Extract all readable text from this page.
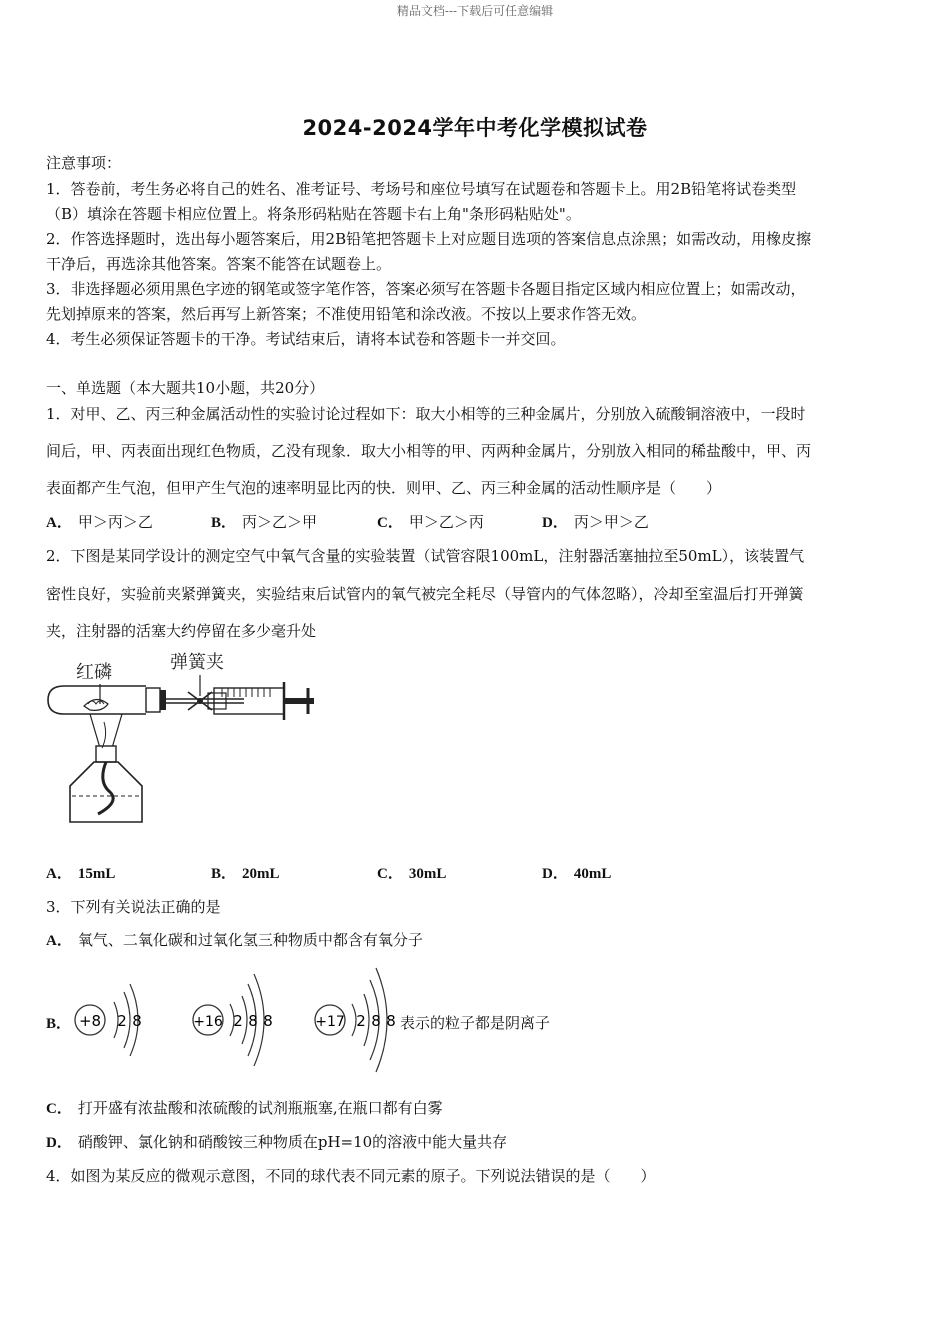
精品文档---下载后可任意编辑
2024-2024学年中考化学模拟试卷
注意事项：
1．答卷前，考生务必将自己的姓名、准考证号、考场号和座位号填写在试题卷和答题卡上。用2B铅笔将试卷类型
（B）填涂在答题卡相应位置上。将条形码粘贴在答题卡右上角"条形码粘贴处"。
2．作答选择题时，选出每小题答案后，用2B铅笔把答题卡上对应题目选项的答案信息点涂黑；如需改动，用橡皮擦
干净后，再选涂其他答案。答案不能答在试题卷上。
3．非选择题必须用黑色字迹的钢笔或签字笔作答，答案必须写在答题卡各题目指定区域内相应位置上；如需改动，
先划掉原来的答案，然后再写上新答案；不准使用铅笔和涂改液。不按以上要求作答无效。
4．考生必须保证答题卡的干净。考试结束后，请将本试卷和答题卡一并交回。
一、单选题（本大题共10小题，共20分）
1．对甲、乙、丙三种金属活动性的实验讨论过程如下：取大小相等的三种金属片，分别放入硫酸铜溶液中，一段时
间后，甲、丙表面出现红色物质，乙没有现象．取大小相等的甲、丙两种金属片，分别放入相同的稀盐酸中，甲、丙
表面都产生气泡，但甲产生气泡的速率明显比丙的快．则甲、乙、丙三种金属的活动性顺序是（　　）
A． 甲＞丙＞乙	B． 丙＞乙＞甲	C． 甲＞乙＞丙	D． 丙＞甲＞乙
2．下图是某同学设计的测定空气中氧气含量的实验装置（试管容限100mL，注射器活塞抽拉至50mL），该装置气
密性良好，实验前夹紧弹簧夹，实验结束后试管内的氧气被完全耗尽（导管内的气体忽略），冷却至室温后打开弹簧
夹，注射器的活塞大约停留在多少毫升处
红磷	弹簧夹
A． 15mL	B． 20mL	C． 30mL	D． 40mL
3．下列有关说法正确的是
A． 氧气、二氧化碳和过氧化氢三种物质中都含有氧分子
B． +8 2 8	+16 2 8 8	+17 2 8 8 表示的粒子都是阴离子
C． 打开盛有浓盐酸和浓硫酸的试剂瓶瓶塞,在瓶口都有白雾
D． 硝酸钾、氯化钠和硝酸铵三种物质在pH=10的溶液中能大量共存
4．如图为某反应的微观示意图，不同的球代表不同元素的原子。下列说法错误的是（　　）
